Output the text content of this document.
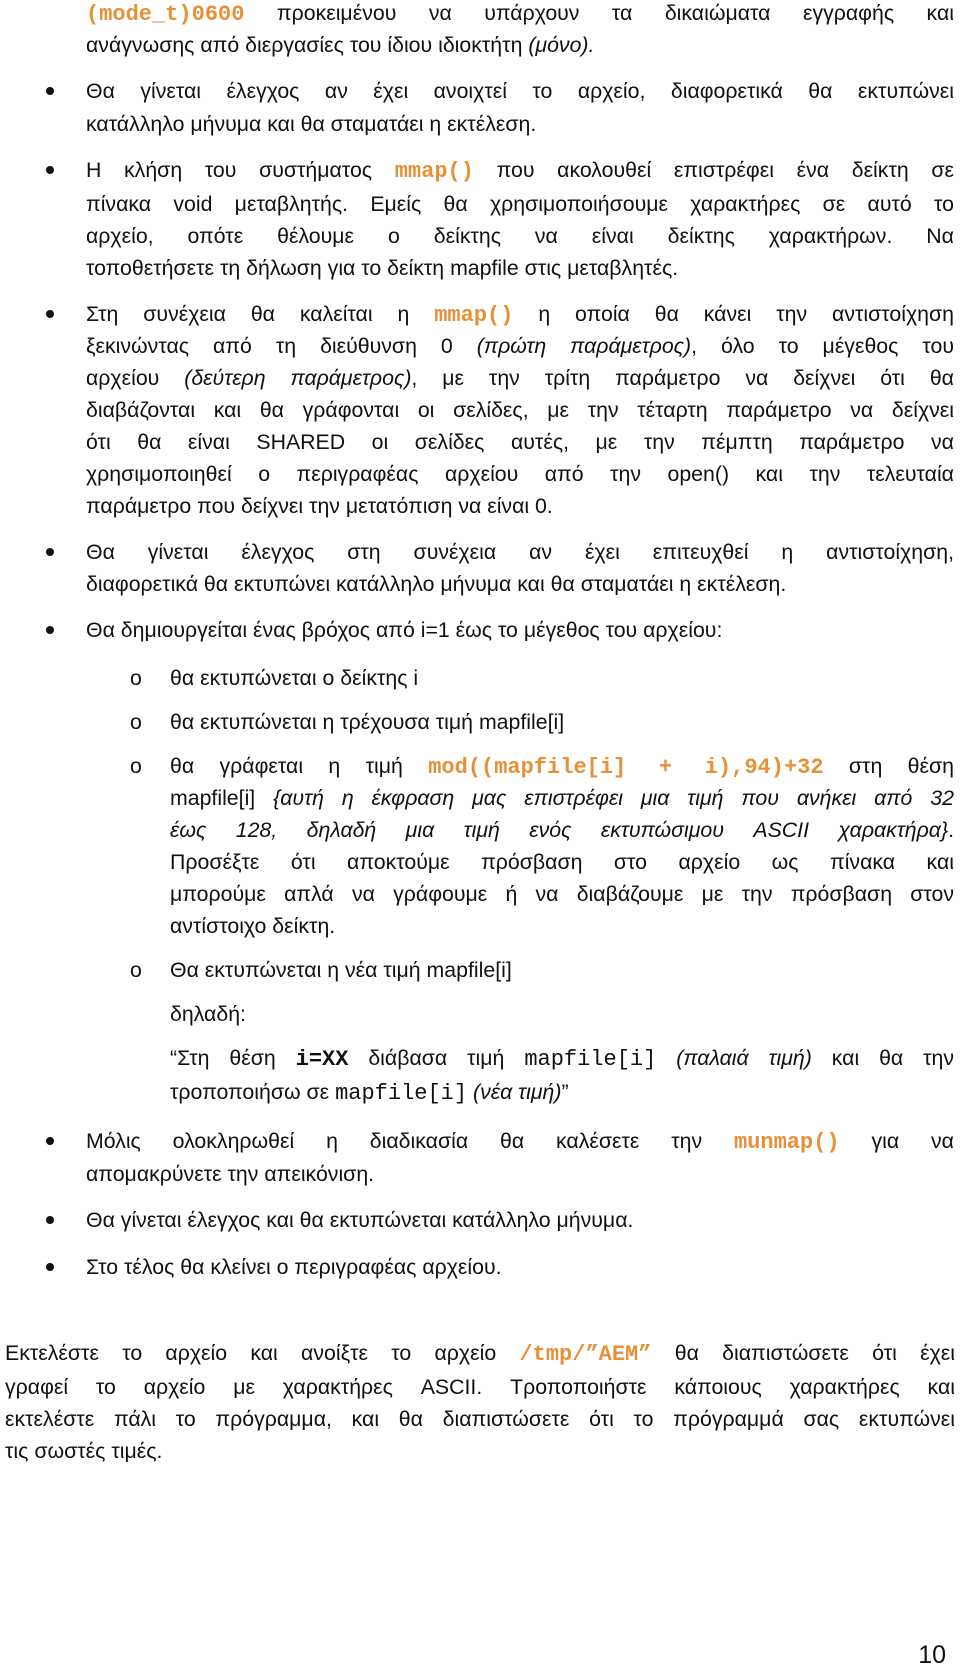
(mode_t)0600 προκειμένου να υπάρχουν τα δικαιώματα εγγραφής και
ανάγνωσης από διεργασίες του ίδιου ιδιοκτήτη (μόνο).
Θα γίνεται έλεγχος αν έχει ανοιχτεί το αρχείο, διαφορετικά θα εκτυπώνει
κατάλληλο μήνυμα και θα σταματάει η εκτέλεση.
Η κλήση του συστήματος mmap() που ακολουθεί επιστρέφει ένα δείκτη σε
πίνακα void μεταβλητής. Εμείς θα χρησιμοποιήσουμε χαρακτήρες σε αυτό το
αρχείο, οπότε θέλουμε ο δείκτης να είναι δείκτης χαρακτήρων. Να
τοποθετήσετε τη δήλωση για το δείκτη mapfile στις μεταβλητές.
Στη συνέχεια θα καλείται η mmap() η οποία θα κάνει την αντιστοίχηση
ξεκινώντας από τη διεύθυνση 0 (πρώτη παράμετρος), όλο το μέγεθος του
αρχείου (δεύτερη παράμετρος), με την τρίτη παράμετρο να δείχνει ότι θα
διαβάζονται και θα γράφονται οι σελίδες, με την τέταρτη παράμετρο να δείχνει
ότι θα είναι SHARED οι σελίδες αυτές, με την πέμπτη παράμετρο να
χρησιμοποιηθεί ο περιγραφέας αρχείου από την open() και την τελευταία
παράμετρο που δείχνει την μετατόπιση να είναι 0.
Θα γίνεται έλεγχος στη συνέχεια αν έχει επιτευχθεί η αντιστοίχηση,
διαφορετικά θα εκτυπώνει κατάλληλο μήνυμα και θα σταματάει η εκτέλεση.
Θα δημιουργείται ένας βρόχος από i=1 έως το μέγεθος του αρχείου:
o θα εκτυπώνεται ο δείκτης i
o θα εκτυπώνεται η τρέχουσα τιμή mapfile[i]
o θα γράφεται η τιμή mod((mapfile[i] + i),94)+32 στη θέση
mapfile[i] {αυτή η έκφραση μας επιστρέφει μια τιμή που ανήκει από 32
έως 128, δηλαδή μια τιμή ενός εκτυπώσιμου ASCII χαρακτήρα}.
Προσέξτε ότι αποκτούμε πρόσβαση στο αρχείο ως πίνακα και
μπορούμε απλά να γράφουμε ή να διαβάζουμε με την πρόσβαση στον
αντίστοιχο δείκτη.
o Θα εκτυπώνεται η νέα τιμή mapfile[i]
δηλαδή:
“Στη θέση i=XX διάβασα τιμή mapfile[i] (παλαιά τιμή) και θα την
τροποποιήσω σε mapfile[i] (νέα τιμή)”
Μόλις ολοκληρωθεί η διαδικασία θα καλέσετε την munmap() για να
απομακρύνετε την απεικόνιση.
Θα γίνεται έλεγχος και θα εκτυπώνεται κατάλληλο μήνυμα.
Στο τέλος θα κλείνει ο περιγραφέας αρχείου.
Εκτελέστε το αρχείο και ανοίξτε το αρχείο /tmp/”AEM” θα διαπιστώσετε ότι έχει
γραφεί το αρχείο με χαρακτήρες ASCII. Τροποποιήστε κάποιους χαρακτήρες και
εκτελέστε πάλι το πρόγραμμα, και θα διαπιστώσετε ότι το πρόγραμμά σας εκτυπώνει
τις σωστές τιμές.
10
